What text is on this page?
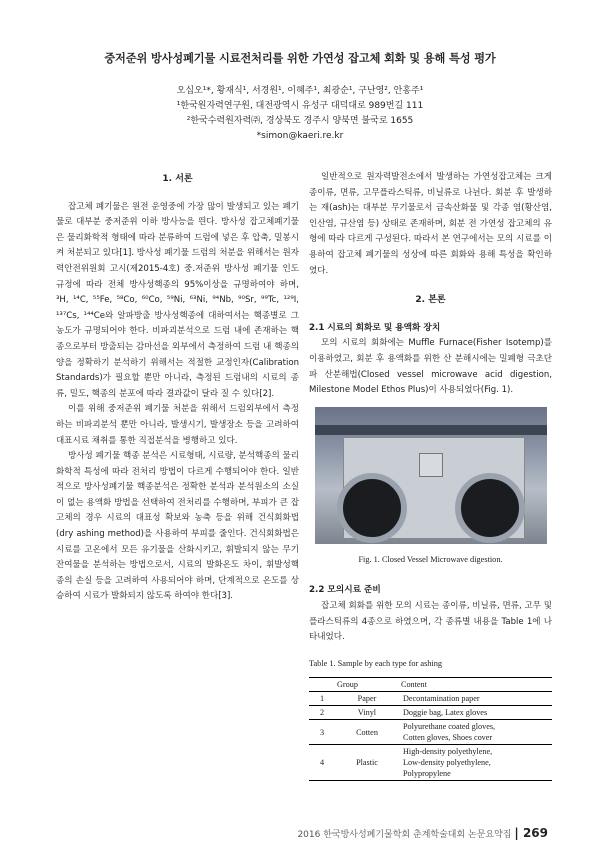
중저준위 방사성폐기물 시료전처리를 위한 가연성 잡고체 회화 및 용해 특성 평가
오십오¹*, 황재식¹, 서경원¹, 이혜주¹, 최광순¹, 구난영², 안홍주¹
¹한국원자력연구원, 대전광역시 유성구 대덕대로 989번길 111
²한국수력원자력㈜, 경상북도 경주시 양북면 불국로 1655
*simon@kaeri.re.kr
1. 서론

잡고체 폐기물은 원전 운영중에 가장 많이 발생되고 있는 폐기물로 대부분 중저준위 이하 방사능을 띈다. 방사성 잡고체폐기물은 물리화학적 형태에 따라 분류하여 드럼에 넣은 후 압축, 밀봉시켜 처분되고 있다[1]. 방사성 폐기물 드럼의 처분을 위해서는 원자력안전위원회 고시(제2015-4호) 중.저준위 방사성 폐기물 인도규정에 따라 전체 방사성핵종의 95%이상을 규명하여야 하며, ³H, ¹⁴C, ⁵⁵Fe, ⁵⁸Co, ⁶⁰Co, ⁵⁹Ni, ⁶³Ni, ⁹⁴Nb, ⁹⁰Sr, ⁹⁹Tc, ¹²⁹I, ¹³⁷Cs, ¹⁴⁴Ce와 알파방출 방사성핵종에 대하여서는 핵종별로 그 농도가 규명되어야 한다. 비파괴분석으로 드럼 내에 존재하는 핵종으로부터 방출되는 감마선을 외부에서 측정하여 드럼 내 핵종의 양을 정확하기 분석하기 위해서는 적절한 교정인자(Calibration Standards)가 필요할 뿐만 아니라, 측정된 드럼내의 시료의 종류, 밀도, 핵종의 분포에 따라 결과값이 달라 질 수 있다[2].

이를 위해 중저준위 폐기물 처분을 위해서 드럼외부에서 측정하는 비파괴분석 뿐만 아니라, 발생시기, 발생장소 등을 고려하여 대표시료 채취를 통한 직접분석을 병행하고 있다.

방사성 폐기물 핵종 분석은 시료형태, 시료량, 분석핵종의 물리화학적 특성에 따라 전처리 방법이 다르게 수행되어야 한다. 일반적으로 방사성폐기물 핵종분석은 정확한 분석과 분석원소의 소실이 없는 용액화 방법을 선택하여 전처리를 수행하며, 부피가 큰 잡고체의 경우 시료의 대표성 확보와 농축 등을 위해 건식회화법(dry ashing method)을 사용하여 부피를 줄인다. 건식회화법은 시료를 고온에서 모든 유기물을 산화시키고, 휘발되지 않는 무기잔여물을 분석하는 방법으로서, 시료의 발화온도 차이, 휘발성핵종의 손실 등을 고려하여 사용되어야 하며, 단계적으로 온도를 상승하여 시료가 발화되지 않도록 하여야 한다[3].

일반적으로 원자력발전소에서 발생하는 가연성잡고체는 크게 종이류, 면류, 고무플라스틱류, 비닐류로 나뉜다. 회분 후 발생하는 재(ash)는 대부분 무기물로서 금속산화물 및 각종 염(황산염, 인산염, 규산염 등) 상태로 존재하며, 회분 전 가연성 잡고체의 유형에 따라 다르게 구성된다. 따라서 본 연구에서는 모의 시료를 이용하여 잡고체 폐기물의 성상에 따른 회화와 용해 특성을 확인하였다.

2. 본론
2.1 시료의 회화로 및 용액화 장치

모의 시료의 회화에는 Muffle Furnace(Fisher Isotemp)를 이용하였고, 회분 후 용액화를 위한 산 분해시에는 밀폐형 극초단파 산분해법(Closed vessel microwave acid digestion, Milestone Model Ethos Plus)이 사용되었다(Fig. 1).

Fig. 1. Closed Vessel Microwave digestion.
2.2 모의시료 준비

잡고체 회화를 위한 모의 시료는 종이류, 비닐류, 면류, 고무 및 플라스틱류의 4종으로 하였으며, 각 종류별 내용을 Table 1에 나타내었다.

Table 1. Sample by each type for ashing
	Group	Content
1	Paper	Decontamination paper

2	Vinyl	Doggie bag, Latex gloves

3	Cotten	Polyurethane coated gloves,
Cotten gloves, Shoes cover

4	Plastic	High-density polyethylene,
Low-density polyethylene,
Polypropylene
2016 한국방사성폐기물학회 춘계학술대회 논문요약집 | 269
